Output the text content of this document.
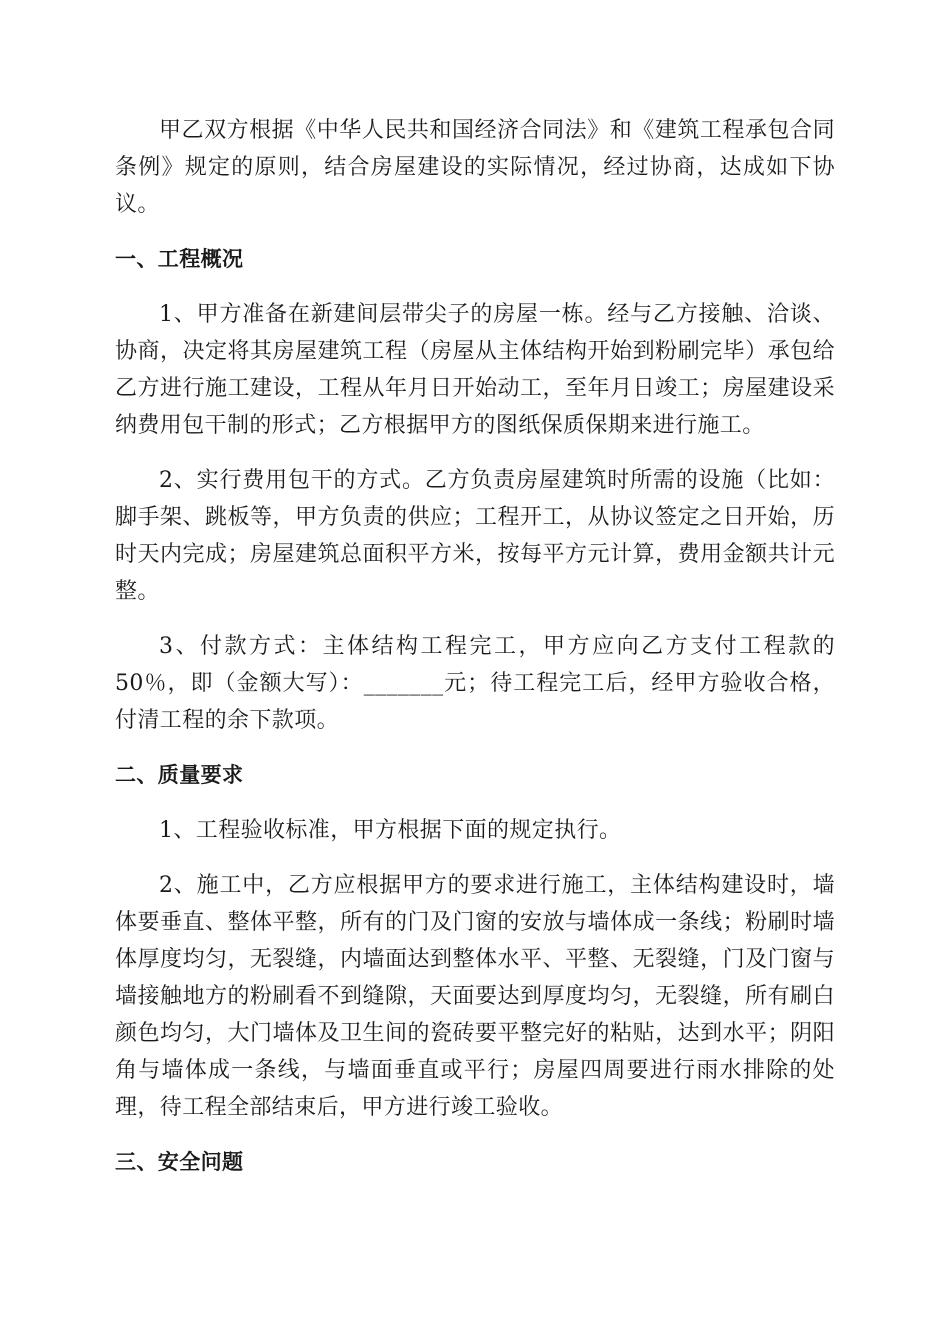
甲乙双方根据《中华人民共和国经济合同法》和《建筑工程承包合同条例》规定的原则，结合房屋建设的实际情况，经过协商，达成如下协议。

一、工程概况

1、甲方准备在新建间层带尖子的房屋一栋。经与乙方接触、洽谈、协商，决定将其房屋建筑工程（房屋从主体结构开始到粉刷完毕）承包给乙方进行施工建设，工程从年月日开始动工，至年月日竣工；房屋建设采纳费用包干制的形式；乙方根据甲方的图纸保质保期来进行施工。

2、实行费用包干的方式。乙方负责房屋建筑时所需的设施（比如：脚手架、跳板等，甲方负责的供应；工程开工，从协议签定之日开始，历时天内完成；房屋建筑总面积平方米，按每平方元计算，费用金额共计元整。

3、付款方式：主体结构工程完工，甲方应向乙方支付工程款的50％，即（金额大写）：_______元；待工程完工后，经甲方验收合格，付清工程的余下款项。

二、质量要求

1、工程验收标准，甲方根据下面的规定执行。

2、施工中，乙方应根据甲方的要求进行施工，主体结构建设时，墙体要垂直、整体平整，所有的门及门窗的安放与墙体成一条线；粉刷时墙体厚度均匀，无裂缝，内墙面达到整体水平、平整、无裂缝，门及门窗与墙接触地方的粉刷看不到缝隙，天面要达到厚度均匀，无裂缝，所有刷白颜色均匀，大门墙体及卫生间的瓷砖要平整完好的粘贴，达到水平；阴阳角与墙体成一条线，与墙面垂直或平行；房屋四周要进行雨水排除的处理，待工程全部结束后，甲方进行竣工验收。

三、安全问题
